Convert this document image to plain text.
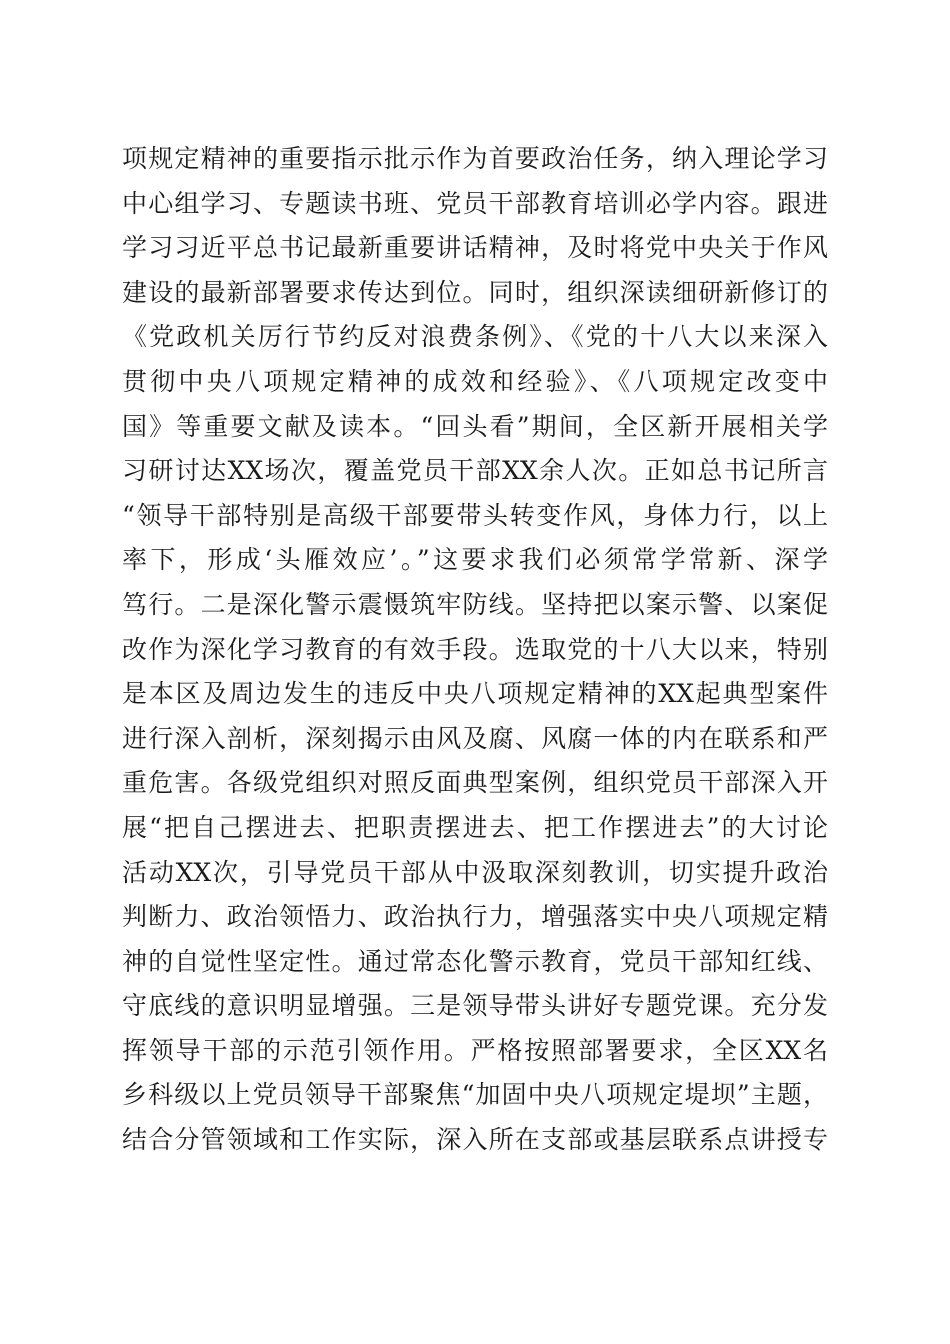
项规定精神的重要指示批示作为首要政治任务，纳入理论学习
中心组学习、专题读书班、党员干部教育培训必学内容。跟进
学习习近平总书记最新重要讲话精神，及时将党中央关于作风
建设的最新部署要求传达到位。同时，组织深读细研新修订的
《党政机关厉行节约反对浪费条例》、《党的十八大以来深入
贯彻中央八项规定精神的成效和经验》、《八项规定改变中
国》等重要文献及读本。“回头看”期间，全区新开展相关学
习研讨达XX场次，覆盖党员干部XX余人次。正如总书记所言
“领导干部特别是高级干部要带头转变作风，身体力行，以上
率下，形成‘头雁效应’。”这要求我们必须常学常新、深学
笃行。二是深化警示震慑筑牢防线。坚持把以案示警、以案促
改作为深化学习教育的有效手段。选取党的十八大以来，特别
是本区及周边发生的违反中央八项规定精神的XX起典型案件
进行深入剖析，深刻揭示由风及腐、风腐一体的内在联系和严
重危害。各级党组织对照反面典型案例，组织党员干部深入开
展“把自己摆进去、把职责摆进去、把工作摆进去”的大讨论
活动XX次，引导党员干部从中汲取深刻教训，切实提升政治
判断力、政治领悟力、政治执行力，增强落实中央八项规定精
神的自觉性坚定性。通过常态化警示教育，党员干部知红线、
守底线的意识明显增强。三是领导带头讲好专题党课。充分发
挥领导干部的示范引领作用。严格按照部署要求，全区XX名
乡科级以上党员领导干部聚焦“加固中央八项规定堤坝”主题，
结合分管领域和工作实际，深入所在支部或基层联系点讲授专
